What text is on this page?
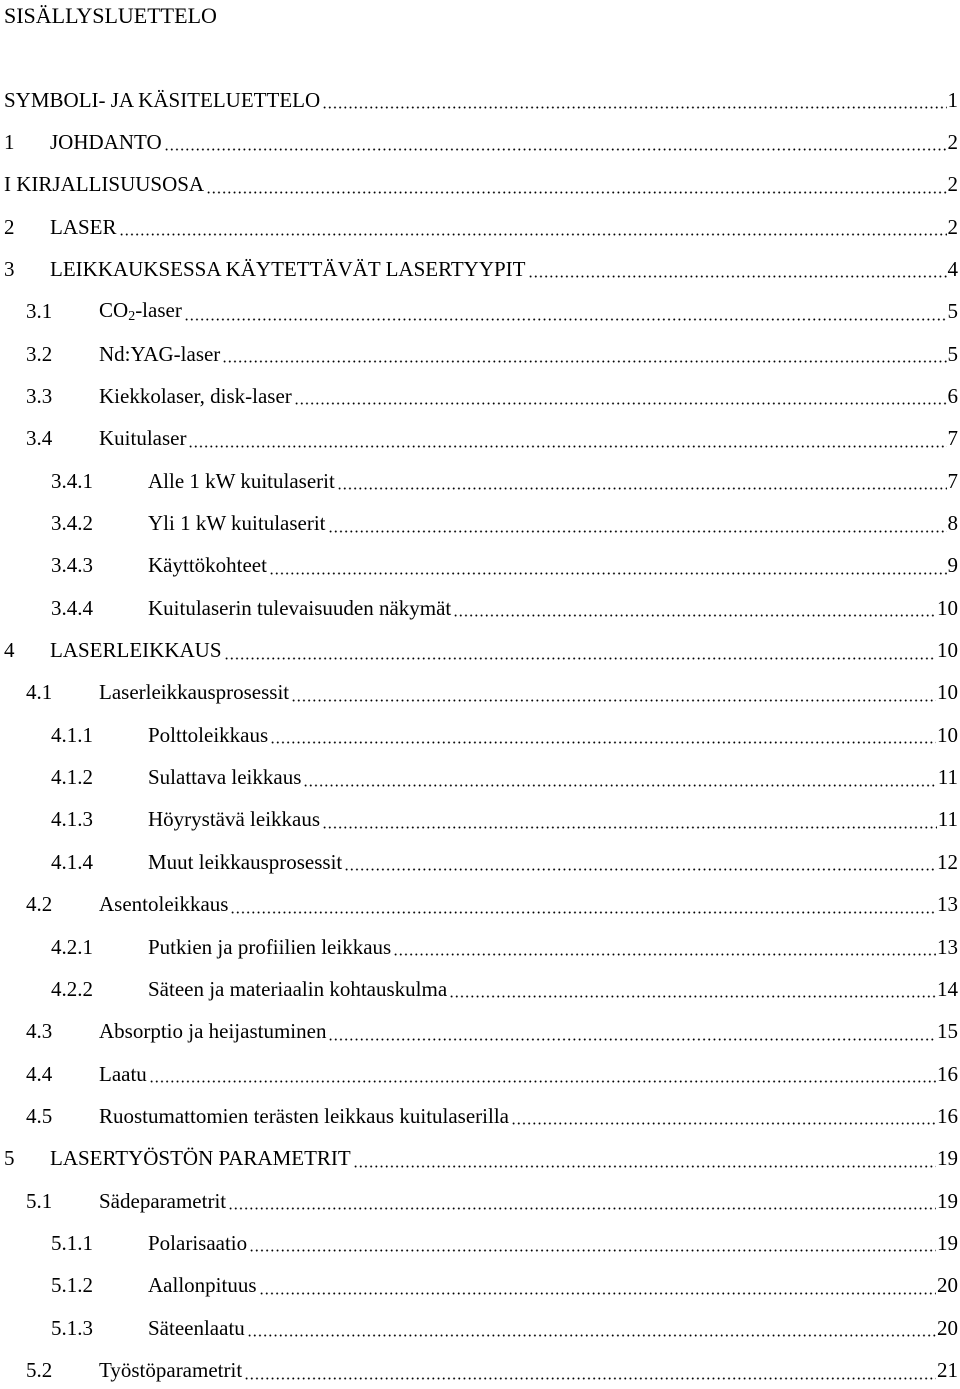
SISÄLLYSLUETTELO
SYMBOLI- JA KÄSITELUETTELO	1
1	JOHDANTO	2
I KIRJALLISUUSOSA	2
2	LASER	2
3	LEIKKAUKSESSA KÄYTETTÄVÄT LASERTYYPIT	4
3.1	$CO_2$-laser	5
3.2	Nd:YAG-laser	5
3.3	Kiekkolaser, disk-laser	6
3.4	Kuitulaser	7
3.4.1	Alle 1 kW kuitulaserit	7
3.4.2	Yli 1 kW kuitulaserit	8
3.4.3	Käyttökohteet	9
3.4.4	Kuitulaserin tulevaisuuden näkymät	10
4	LASERLEIKKAUS	10
4.1	Laserleikkausprosessit	10
4.1.1	Polttoleikkaus	10
4.1.2	Sulattava leikkaus	11
4.1.3	Höyrystävä leikkaus	11
4.1.4	Muut leikkausprosessit	12
4.2	Asentoleikkaus	13
4.2.1	Putkien ja profiilien leikkaus	13
4.2.2	Säteen ja materiaalin kohtauskulma	14
4.3	Absorptio ja heijastuminen	15
4.4	Laatu	16
4.5	Ruostumattomien terästen leikkaus kuitulaserilla	16
5	LASERTYÖSTÖN PARAMETRIT	19
5.1	Sädeparametrit	19
5.1.1	Polarisaatio	19
5.1.2	Aallonpituus	20
5.1.3	Säteenlaatu	20
5.2	Työstöparametrit	21
